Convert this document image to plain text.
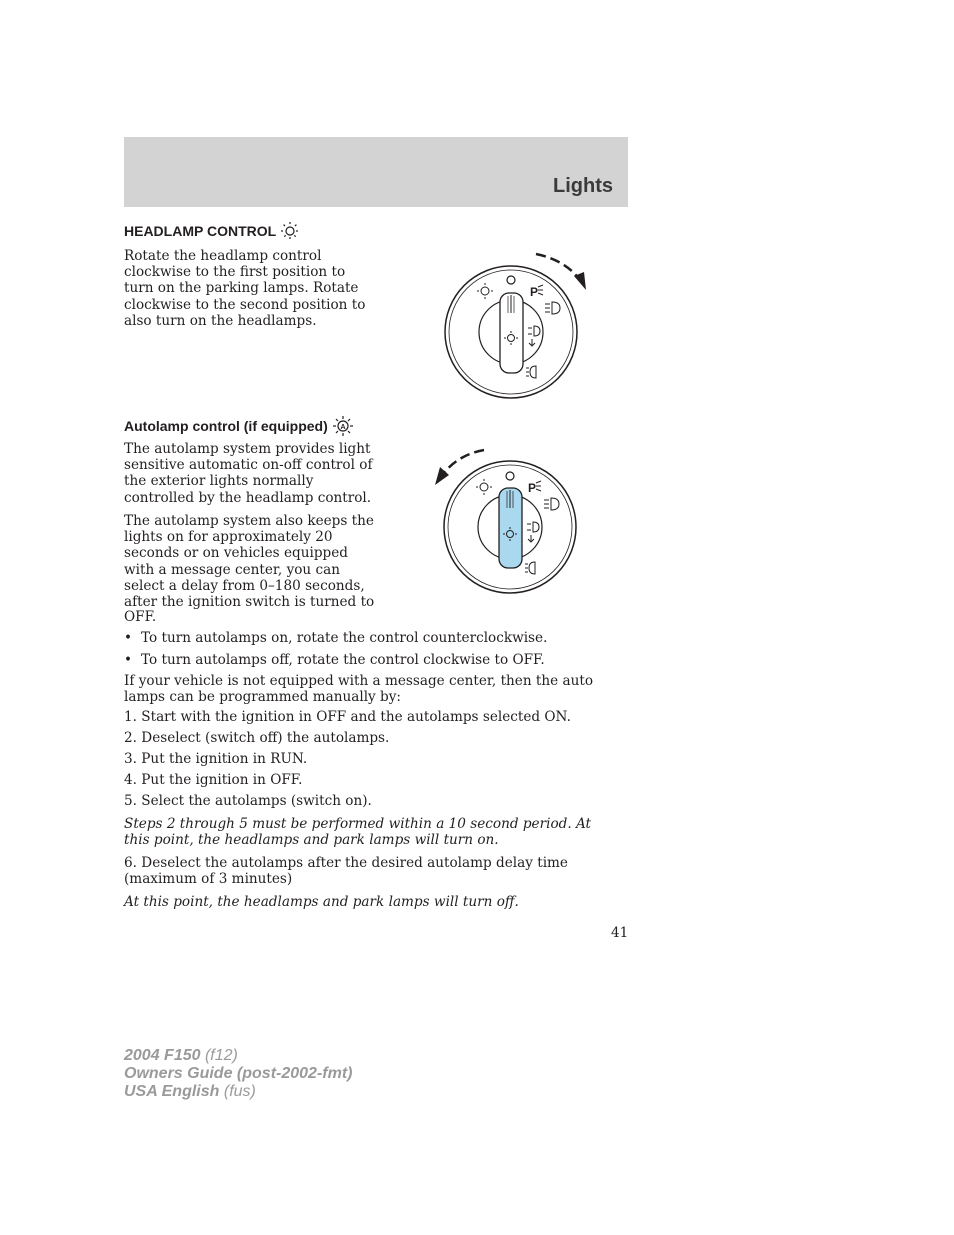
Lights
HEADLAMP CONTROL

Rotate the headlamp control

clockwise to the first position to

turn on the parking lamps. Rotate

clockwise to the second position to

also turn on the headlamps.

P
Autolamp control (if equipped) A

The autolamp system provides light

sensitive automatic on-off control of

the exterior lights normally

controlled by the headlamp control.

The autolamp system also keeps the

lights on for approximately 20

seconds or on vehicles equipped

with a message center, you can

select a delay from 0–180 seconds,

after the ignition switch is turned to

OFF.

P
• To turn autolamps on, rotate the control counterclockwise.
• To turn autolamps off, rotate the control clockwise to OFF.

If your vehicle is not equipped with a message center, then the auto

lamps can be programmed manually by:

1. Start with the ignition in OFF and the autolamps selected ON.

2. Deselect (switch off) the autolamps.

3. Put the ignition in RUN.

4. Put the ignition in OFF.

5. Select the autolamps (switch on).

Steps 2 through 5 must be performed within a 10 second period. At

this point, the headlamps and park lamps will turn on.

6. Deselect the autolamps after the desired autolamp delay time

(maximum of 3 minutes)

At this point, the headlamps and park lamps will turn off.

41
2004 F150 (f12)
Owners Guide (post-2002-fmt)
USA English (fus)
